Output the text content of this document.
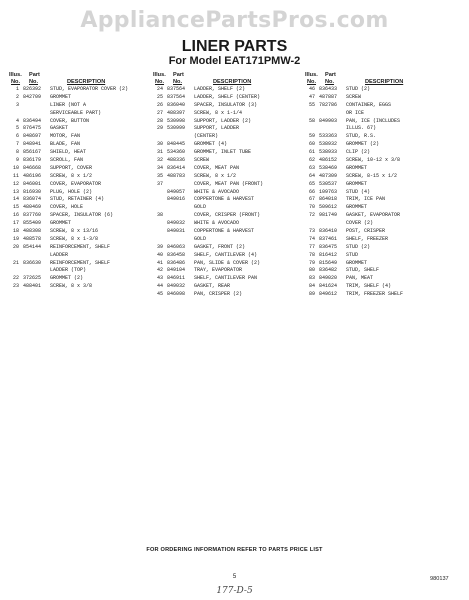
AppliancePartsPros.com
LINER PARTS
For Model EAT171PMW-2
Illus. Part
No. No.	DESCRIPTION
Illus. Part
No. No.	DESCRIPTION
Illus. Part
No. No.	DESCRIPTION
1 826392 STUD, EVAPORATOR COVER (2)
2 842709 GROMMET
3	LINER (NOT A
SERVICEABLE PART)
4 836494 COVER, BUTTON
5 876475 GASKET
6 848697 MOTOR, FAN
7 848941 BLADE, FAN
8 856167 SHIELD, HEAT
9 836179 SCROLL, FAN
10 846668 SUPPORT, COVER
11 486196 SCREW, 8 x 1/2
12 846001 COVER, EVAPORATOR
13 816930 PLUG, HOLE (2)
14 836074 STUD, RETAINER (4)
15 480469 COVER, HOLE
16 837760 SPACER, INSULATOR (6)
17 855409 GROMMET
18 488308 SCREW, 8 x 13/16
19 488578 SCREW, 8 x 1-3/8
20 854144 REINFORCEMENT, SHELF
LADDER
21 836630 REINFORCEMENT, SHELF
LADDER (TOP)
22 372625 GROMMET (2)
23 488401 SCREW, 8 x 3/8
24 837564 LADDER, SHELF (2)
25 837564 LADDER, SHELF (CENTER)
26 836040 SPACER, INSULATOR (3)
27 488397 SCREW, 8 x 1-1/4
28 530998 SUPPORT, LADDER (2)
29 530999 SUPPORT, LADDER
(CENTER)
30 848445 GROMMET (4)
31 534360 GROMMET, INLET TUBE
32 488336 SCREW
34 836414 COVER, MEAT PAN
35 488783 SCREW, 8 x 1/2
37	COVER, MEAT PAN (FRONT)
849057 WHITE & AVOCADO
849016 COPPERTONE & HARVEST
GOLD
38	COVER, CRISPER (FRONT)
849032 WHITE & AVOCADO
849031 COPPERTONE & HARVEST
GOLD
39 846063 GASKET, FRONT (2)
40 836458 SHELF, CANTILEVER (4)
41 836486 PAN, SLIDE & COVER (2)
42 849104 TRAY, EVAPORATOR
43 846911 SHELF, CANTILEVER PAN
44 849032 GASKET, REAR
45 846098 PAN, CRISPER (2)
46 836433 STUD (2)
47 487887 SCREW
55 782786 CONTAINER, EGGS
OR ICE
58 849903 PAN, ICE (INCLUDES
ILLUS. 67)
59 533363 STUD, R.S.
60 538932 GROMMET (2)
61 538933 CLIP (2)
62 486152 SCREW, 10-12 x 3/8
63 538469 GROMMET
64 487309 SCREW, 8-15 x 1/2
65 530537 GROMMET
66 109763 STUD (4)
67 864018 TRIM, ICE PAN
70 509612 GROMMET
72 981749 GASKET, EVAPORATOR
COVER (2)
73 836410 POST, CRISPER
74 837461 SHELF, FREEZER
77 836475 STUD (2)
78 816412 STUD
79 815649 GROMMET
80 836482 STUD, SHELF
83 849020 PAN, MEAT
84 841624 TRIM, SHELF (4)
89 849612 TRIM, FREEZER SHELF
FOR ORDERING INFORMATION REFER TO PARTS PRICE LIST
5	980137
177-D-5
